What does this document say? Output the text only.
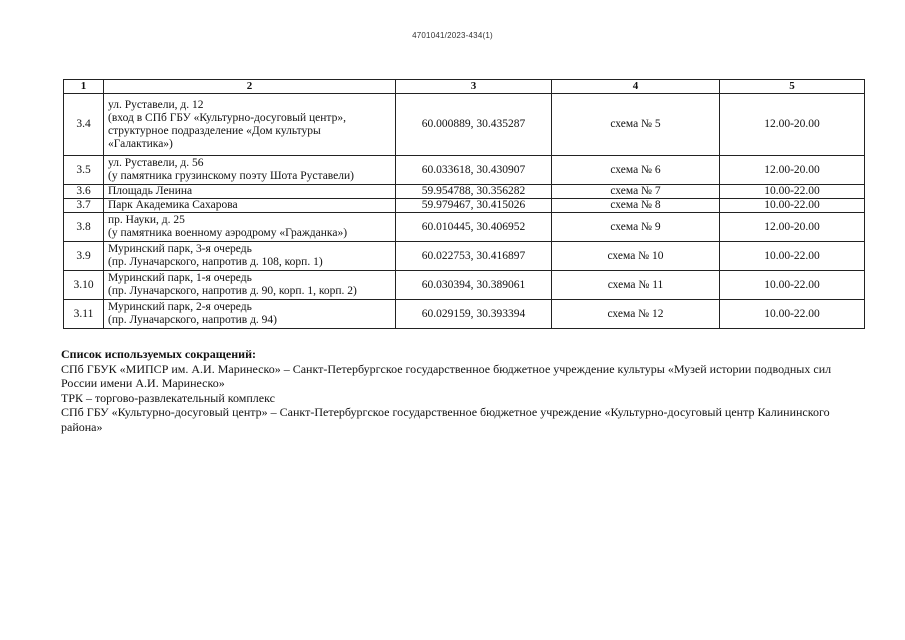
4701041/2023-434(1)
1	2	3	4	5
3.4	ул. Руставели, д. 12
(вход в СПб ГБУ «Культурно-досуговый центр»,
структурное подразделение «Дом культуры
«Галактика»)	60.000889, 30.435287	схема № 5	12.00-20.00
3.5	ул. Руставели, д. 56
(у памятника грузинскому поэту Шота Руставели)	60.033618, 30.430907	схема № 6	12.00-20.00
3.6	Площадь Ленина	59.954788, 30.356282	схема № 7	10.00-22.00
3.7	Парк Академика Сахарова	59.979467, 30.415026	схема № 8	10.00-22.00
3.8	пр. Науки, д. 25
(у памятника военному аэродрому «Гражданка»)	60.010445, 30.406952	схема № 9	12.00-20.00
3.9	Муринский парк, 3-я очередь
(пр. Луначарского, напротив д. 108, корп. 1)	60.022753, 30.416897	схема № 10	10.00-22.00
3.10	Муринский парк, 1-я очередь
(пр. Луначарского, напротив д. 90, корп. 1, корп. 2)	60.030394, 30.389061	схема № 11	10.00-22.00
3.11	Муринский парк, 2-я очередь
(пр. Луначарского, напротив д. 94)	60.029159, 30.393394	схема № 12	10.00-22.00

Список используемых сокращений:

СПб ГБУК «МИПСР им. А.И. Маринеско» – Санкт-Петербургское государственное бюджетное учреждение культуры «Музей истории подводных сил России имени А.И. Маринеско»

ТРК – торгово-развлекательный комплекс

СПб ГБУ «Культурно-досуговый центр» – Санкт-Петербургское государственное бюджетное учреждение «Культурно-досуговый центр Калининского района»
